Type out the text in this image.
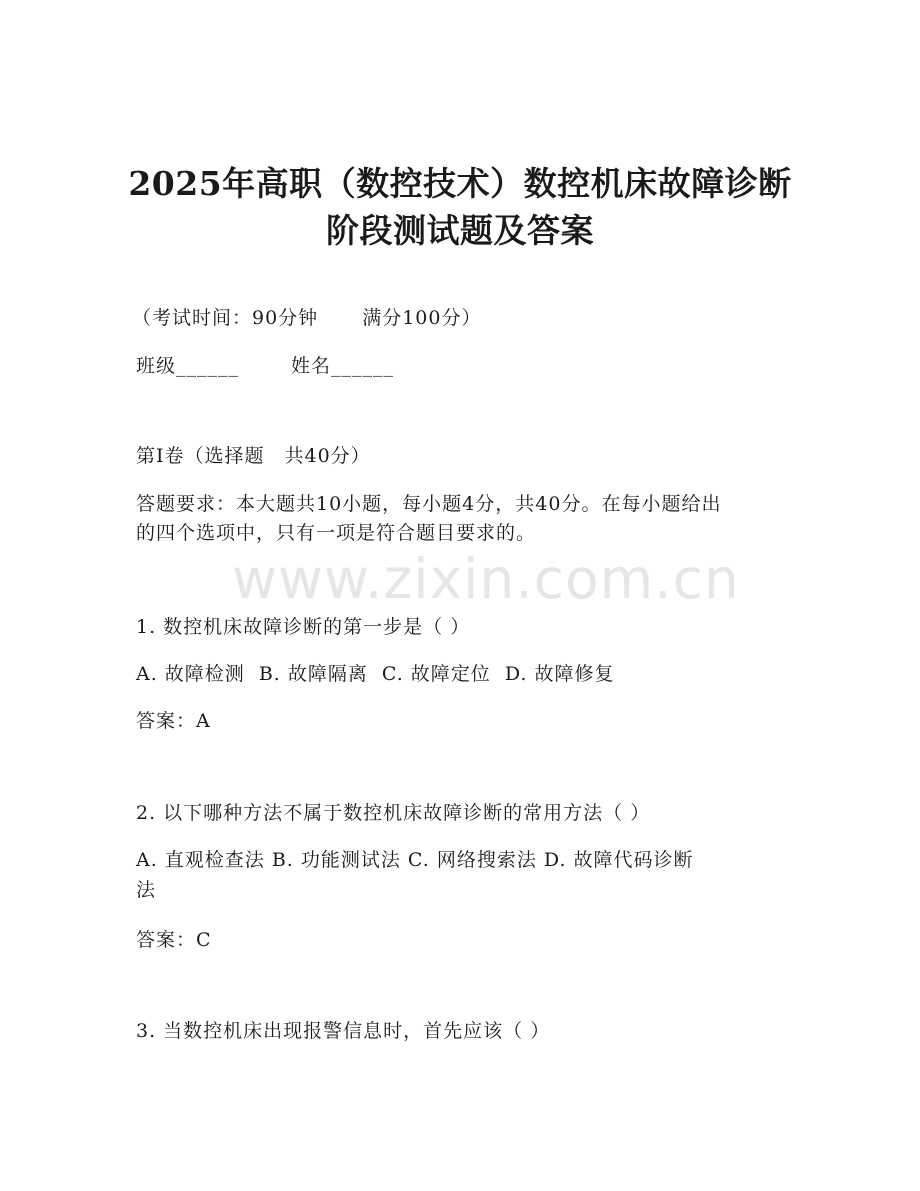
2025年高职（数控技术）数控机床故障诊断
阶段测试题及答案
（考试时间：90分钟 满分100分）
班级______	姓名______
第Ⅰ卷（选择题　共40分）
答题要求：本大题共10小题，每小题4分，共40分。在每小题给出
的四个选项中，只有一项是符合题目要求的。
www.zixin.com.cn
1. 数控机床故障诊断的第一步是（ ）
A. 故障检测 B. 故障隔离 C. 故障定位 D. 故障修复
答案：A
2. 以下哪种方法不属于数控机床故障诊断的常用方法（ ）
A. 直观检查法 B. 功能测试法 C. 网络搜索法 D. 故障代码诊断
法
答案：C
3. 当数控机床出现报警信息时，首先应该（ ）
